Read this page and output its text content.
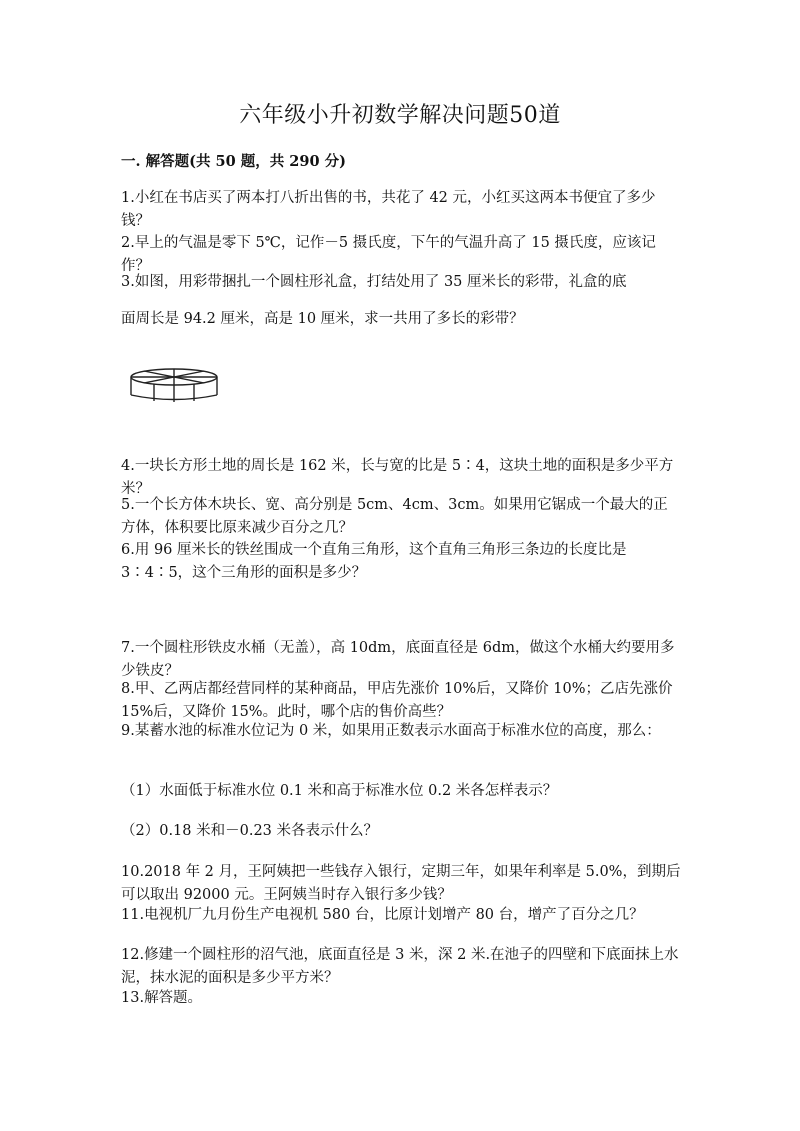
六年级小升初数学解决问题50道
一. 解答题(共 50 题，共 290 分)
1.小红在书店买了两本打八折出售的书，共花了 42 元，小红买这两本书便宜了多少钱？
2.早上的气温是零下 5℃，记作－5 摄氏度，下午的气温升高了 15 摄氏度，应该记作？
3.如图，用彩带捆扎一个圆柱形礼盒，打结处用了 35 厘米长的彩带，礼盒的底
面周长是 94.2 厘米，高是 10 厘米，求一共用了多长的彩带？
4.一块长方形土地的周长是 162 米，长与宽的比是 5∶4，这块土地的面积是多少平方米？
5.一个长方体木块长、宽、高分别是 5cm、4cm、3cm。如果用它锯成一个最大的正方体，体积要比原来减少百分之几？
6.用 96 厘米长的铁丝围成一个直角三角形，这个直角三角形三条边的长度比是 3∶4∶5，这个三角形的面积是多少？
7.一个圆柱形铁皮水桶（无盖），高 10dm，底面直径是 6dm，做这个水桶大约要用多少铁皮？
8.甲、乙两店都经营同样的某种商品，甲店先涨价 10%后，又降价 10%；乙店先涨价 15%后，又降价 15%。此时，哪个店的售价高些？
9.某蓄水池的标准水位记为 0 米，如果用正数表示水面高于标准水位的高度，那么：
（1）水面低于标准水位 0.1 米和高于标准水位 0.2 米各怎样表示？
（2）0.18 米和－0.23 米各表示什么？
10.2018 年 2 月，王阿姨把一些钱存入银行，定期三年，如果年利率是 5.0%，到期后可以取出 92000 元。王阿姨当时存入银行多少钱？
11.电视机厂九月份生产电视机 580 台，比原计划增产 80 台，增产了百分之几？
12.修建一个圆柱形的沼气池，底面直径是 3 米，深 2 米.在池子的四壁和下底面抹上水泥，抹水泥的面积是多少平方米？
13.解答题。
